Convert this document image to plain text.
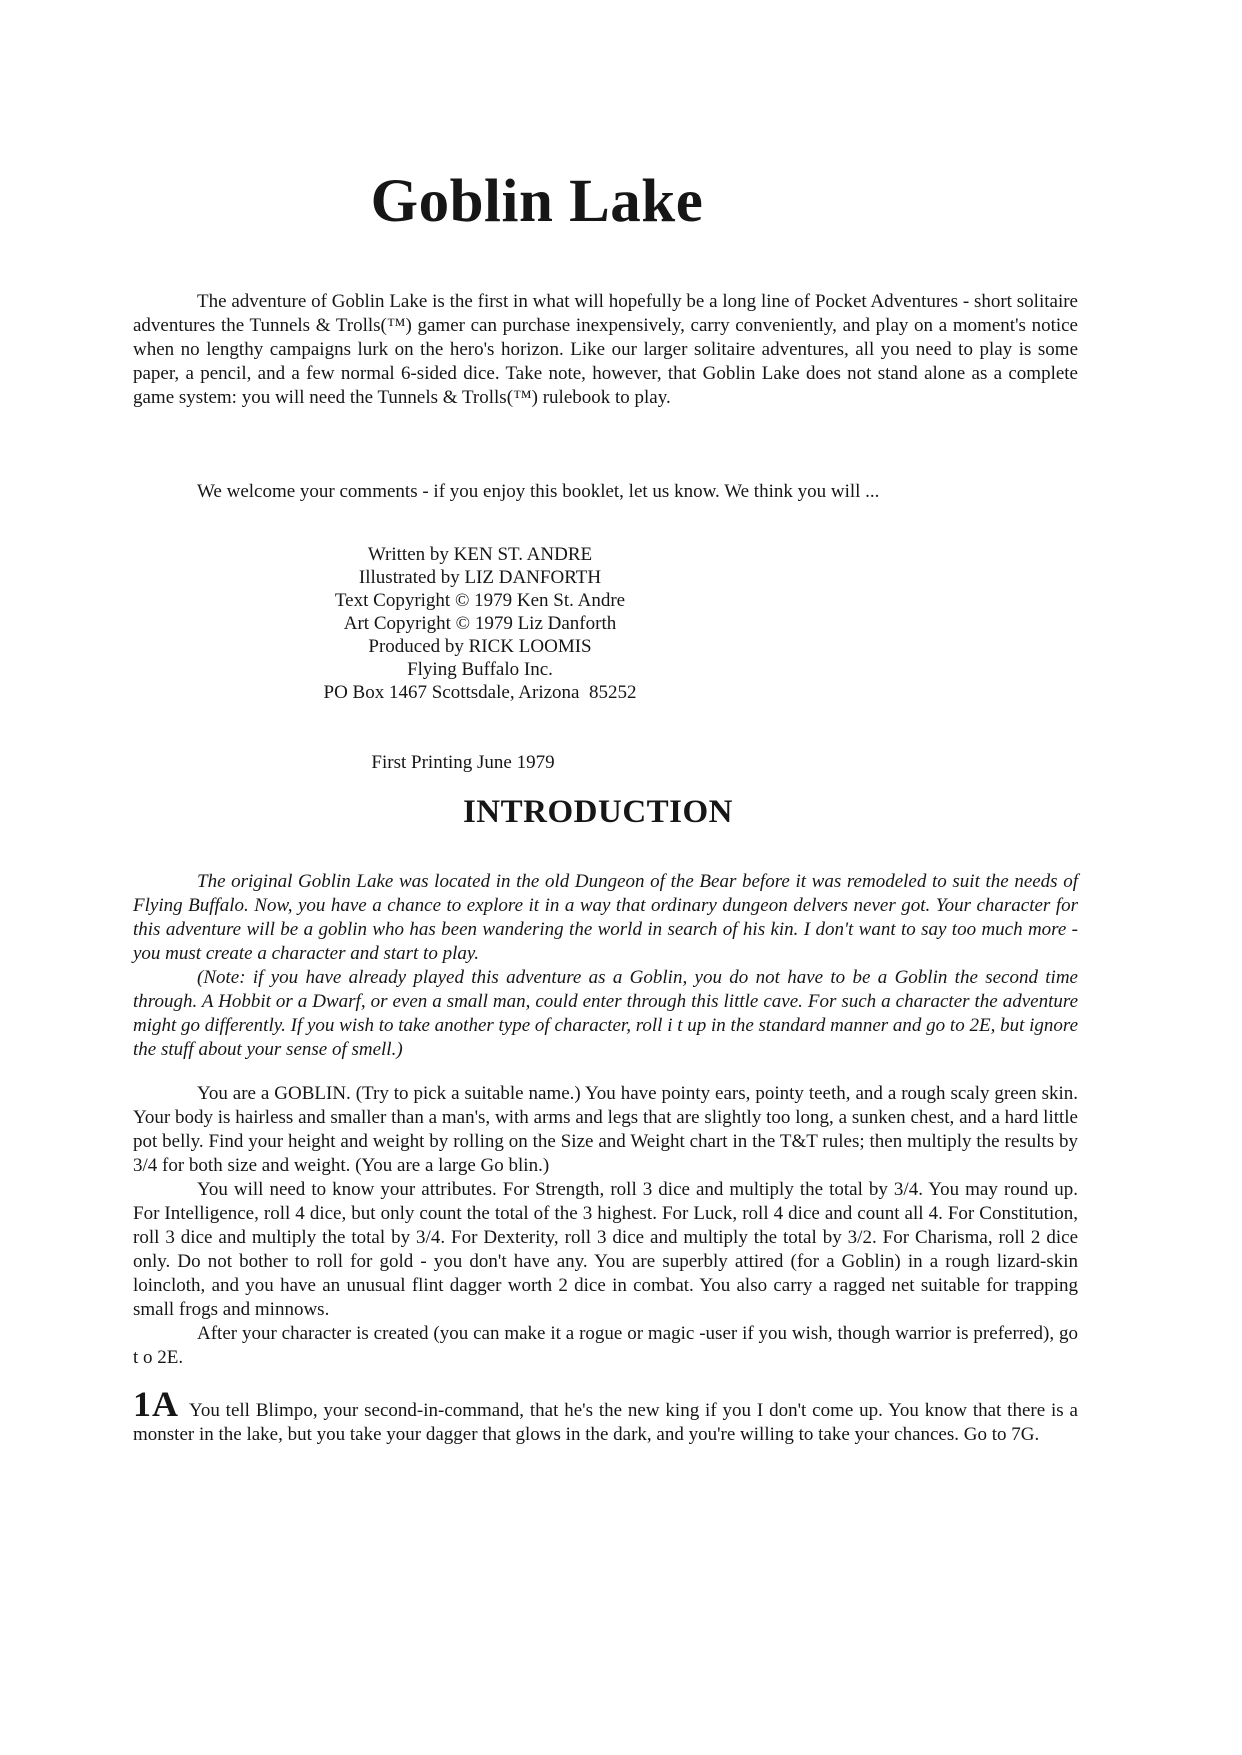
Goblin Lake

The adventure of Goblin Lake is the first in what will hopefully be a long line of Pocket Adventures - short solitaire adventures the Tunnels & Trolls(™) gamer can purchase inexpensively, carry conveniently, and play on a moment's notice when no lengthy campaigns lurk on the hero's horizon. Like our larger solitaire adventures, all you need to play is some paper, a pencil, and a few normal 6-sided dice. Take note, however, that Goblin Lake does not stand alone as a complete game system: you will need the Tunnels & Trolls(™) rulebook to play.

We welcome your comments - if you enjoy this booklet, let us know. We think you will ...

Written by KEN ST. ANDRE
Illustrated by LIZ DANFORTH
Text Copyright © 1979 Ken St. Andre
Art Copyright © 1979 Liz Danforth
Produced by RICK LOOMIS
Flying Buffalo Inc.
PO Box 1467 Scottsdale, Arizona  85252
First Printing June 1979
INTRODUCTION

The original Goblin Lake was located in the old Dungeon of the Bear before it was remodeled to suit the needs of Flying Buffalo. Now, you have a chance to explore it in a way that ordinary dungeon delvers never got. Your character for this adventure will be a goblin who has been wandering the world in search of his kin. I don't want to say too much more - you must create a character and start to play.

(Note: if you have already played this adventure as a Goblin, you do not have to be a Goblin the second time through. A Hobbit or a Dwarf, or even a small man, could enter through this little cave. For such a character the adventure might go differently. If you wish to take another type of character, roll i t up in the standard manner and go to 2E, but ignore the stuff about your sense of smell.)

You are a GOBLIN. (Try to pick a suitable name.) You have pointy ears, pointy teeth, and a rough scaly green skin. Your body is hairless and smaller than a man's, with arms and legs that are slightly too long, a sunken chest, and a hard little pot belly. Find your height and weight by rolling on the Size and Weight chart in the T&T rules; then multiply the results by 3/4 for both size and weight. (You are a large Go blin.)

You will need to know your attributes. For Strength, roll 3 dice and multiply the total by 3/4. You may round up. For Intelligence, roll 4 dice, but only count the total of the 3 highest. For Luck, roll 4 dice and count all 4. For Constitution, roll 3 dice and multiply the total by 3/4. For Dexterity, roll 3 dice and multiply the total by 3/2. For Charisma, roll 2 dice only. Do not bother to roll for gold - you don't have any. You are superbly attired (for a Goblin) in a rough lizard-skin loincloth, and you have an unusual flint dagger worth 2 dice in combat. You also carry a ragged net suitable for trapping small frogs and minnows.

After your character is created (you can make it a rogue or magic -user if you wish, though warrior is preferred), go t o 2E.

1A You tell Blimpo, your second-in-command, that he's the new king if you I don't come up. You know that there is a monster in the lake, but you take your dagger that glows in the dark, and you're willing to take your chances. Go to 7G.
